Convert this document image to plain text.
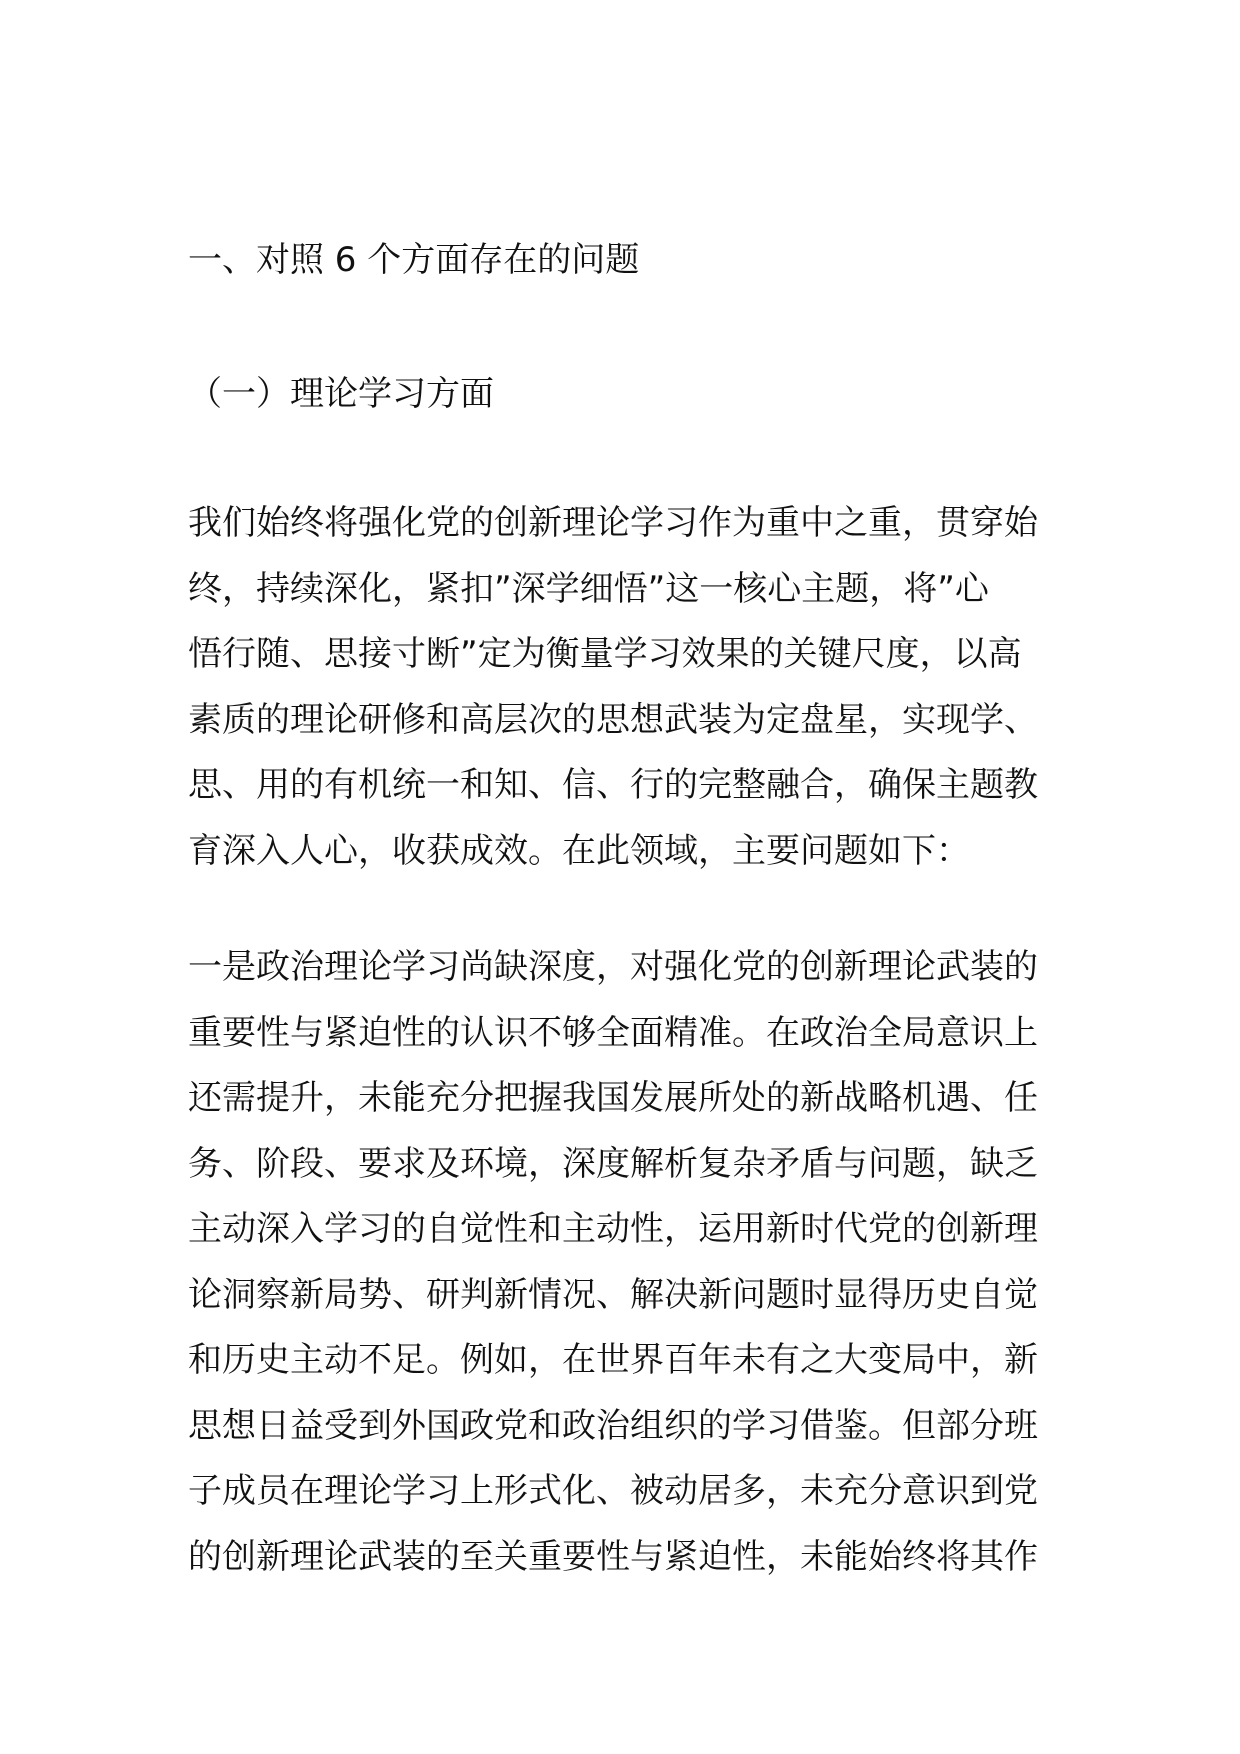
一、对照 6 个方面存在的问题
（一）理论学习方面
我们始终将强化党的创新理论学习作为重中之重，贯穿始
终，持续深化，紧扣”深学细悟”这一核心主题，将”心
悟行随、思接寸断”定为衡量学习效果的关键尺度，以高
素质的理论研修和高层次的思想武装为定盘星，实现学、
思、用的有机统一和知、信、行的完整融合，确保主题教
育深入人心，收获成效。在此领域，主要问题如下：
一是政治理论学习尚缺深度，对强化党的创新理论武装的
重要性与紧迫性的认识不够全面精准。在政治全局意识上
还需提升，未能充分把握我国发展所处的新战略机遇、任
务、阶段、要求及环境，深度解析复杂矛盾与问题，缺乏
主动深入学习的自觉性和主动性，运用新时代党的创新理
论洞察新局势、研判新情况、解决新问题时显得历史自觉
和历史主动不足。例如，在世界百年未有之大变局中，新
思想日益受到外国政党和政治组织的学习借鉴。但部分班
子成员在理论学习上形式化、被动居多，未充分意识到党
的创新理论武装的至关重要性与紧迫性，未能始终将其作
